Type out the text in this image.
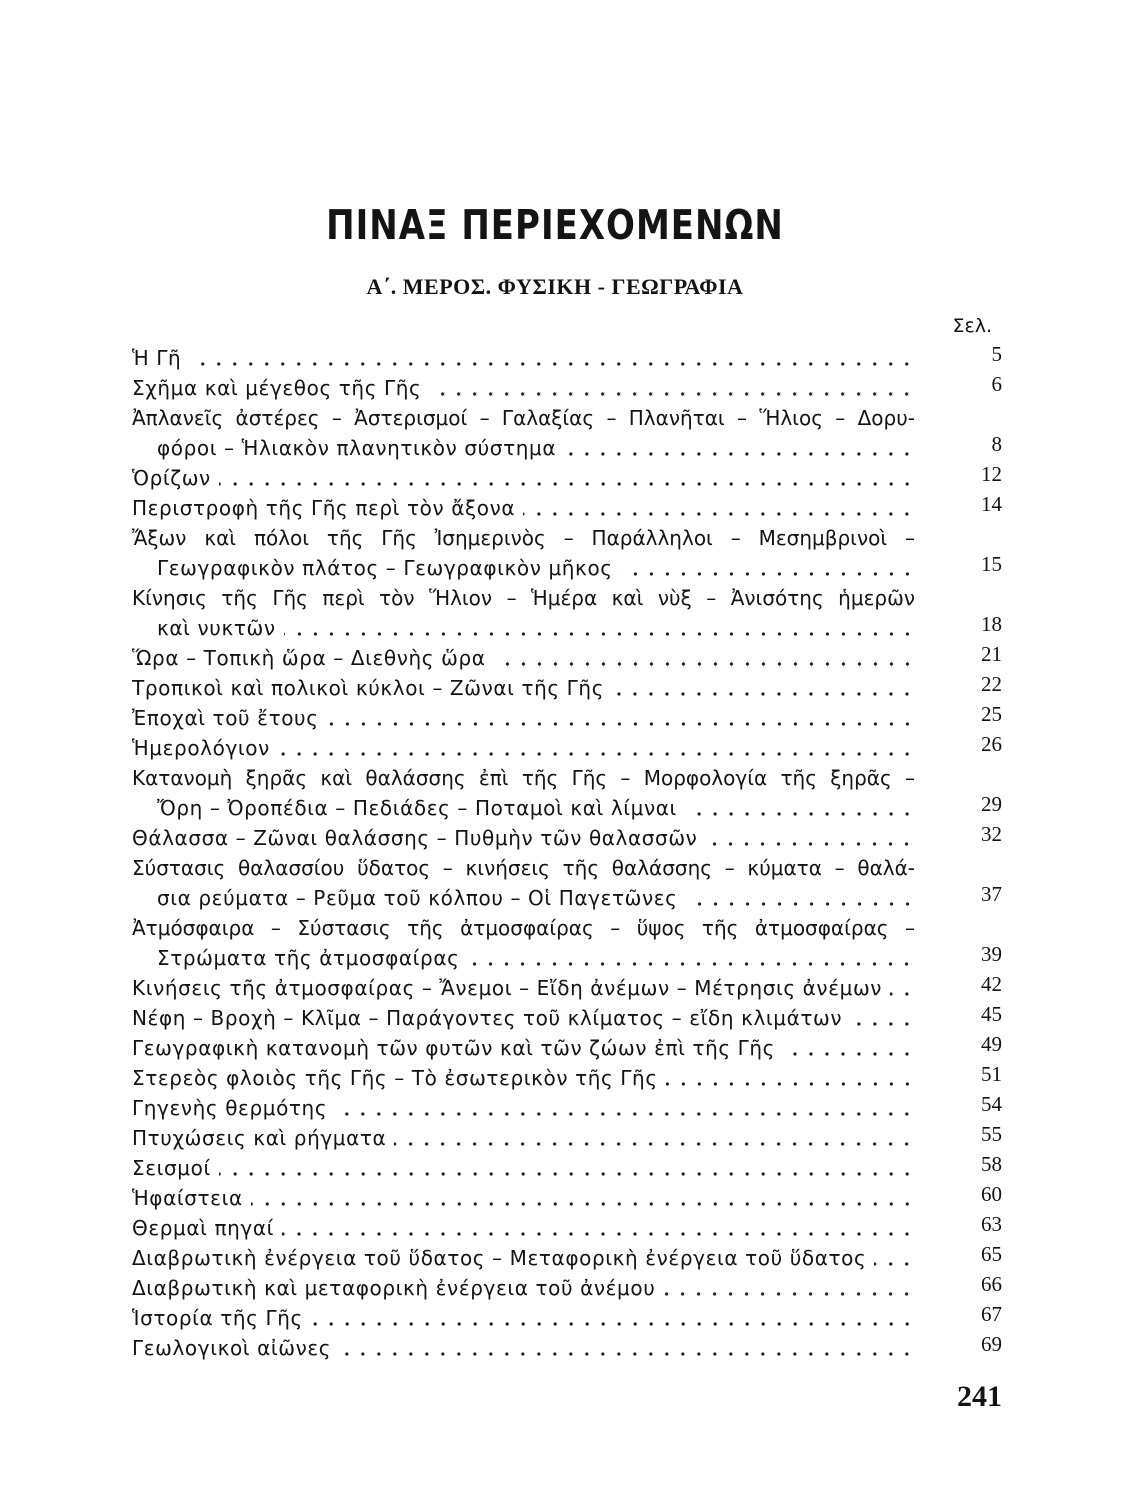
ΠΙΝΑΞ ΠΕΡΙΕΧΟΜΕΝΩΝ
Α΄. ΜΕΡΟΣ. ΦΥΣΙΚΗ - ΓΕΩΓΡΑΦΙΑ
Σελ.
Ἡ Γῆ	5
Σχῆμα καὶ μέγεθος τῆς Γῆς	6
Ἀπλανεῖς ἀστέρες – Ἀστερισμοί – Γαλαξίας – Πλανῆται – Ἥλιος – Δορυ-
φόροι – Ἡλιακὸν πλανητικὸν σύστημα	8
Ὁρίζων	12
Περιστροφὴ τῆς Γῆς περὶ τὸν ἄξονα	14
Ἄξων καὶ πόλοι τῆς Γῆς Ἰσημερινὸς – Παράλληλοι – Μεσημβρινοὶ –
Γεωγραφικὸν πλάτος – Γεωγραφικὸν μῆκος	15
Κίνησις τῆς Γῆς περὶ τὸν Ἥλιον – Ἡμέρα καὶ νὺξ – Ἀνισότης ἡμερῶν
καὶ νυκτῶν	18
Ὥρα – Τοπικὴ ὥρα – Διεθνὴς ὥρα	21
Τροπικοὶ καὶ πολικοὶ κύκλοι – Ζῶναι τῆς Γῆς	22
Ἐποχαὶ τοῦ ἔτους	25
Ἡμερολόγιον	26
Κατανομὴ ξηρᾶς καὶ θαλάσσης ἐπὶ τῆς Γῆς – Μορφολογία τῆς ξηρᾶς –
Ὄρη – Ὀροπέδια – Πεδιάδες – Ποταμοὶ καὶ λίμναι	29
Θάλασσα – Ζῶναι θαλάσσης – Πυθμὴν τῶν θαλασσῶν	32
Σύστασις θαλασσίου ὕδατος – κινήσεις τῆς θαλάσσης – κύματα – θαλά-
σια ρεύματα – Ρεῦμα τοῦ κόλπου – Οἱ Παγετῶνες	37
Ἀτμόσφαιρα – Σύστασις τῆς ἀτμοσφαίρας – ὕψος τῆς ἀτμοσφαίρας –
Στρώματα τῆς ἀτμοσφαίρας	39
Κινήσεις τῆς ἀτμοσφαίρας – Ἄνεμοι – Εἴδη ἀνέμων – Μέτρησις ἀνέμων	42
Νέφη – Βροχὴ – Κλῖμα – Παράγοντες τοῦ κλίματος – εἴδη κλιμάτων	45
Γεωγραφικὴ κατανομὴ τῶν φυτῶν καὶ τῶν ζώων ἐπὶ τῆς Γῆς	49
Στερεὸς φλοιὸς τῆς Γῆς – Τὸ ἐσωτερικὸν τῆς Γῆς	51
Γηγενὴς θερμότης	54
Πτυχώσεις καὶ ρήγματα	55
Σεισμοί	58
Ἡφαίστεια	60
Θερμαὶ πηγαί	63
Διαβρωτικὴ ἐνέργεια τοῦ ὕδατος – Μεταφορικὴ ἐνέργεια τοῦ ὕδατος	65
Διαβρωτικὴ καὶ μεταφορικὴ ἐνέργεια τοῦ ἀνέμου	66
Ἱστορία τῆς Γῆς	67
Γεωλογικοὶ αἰῶνες	69
241
